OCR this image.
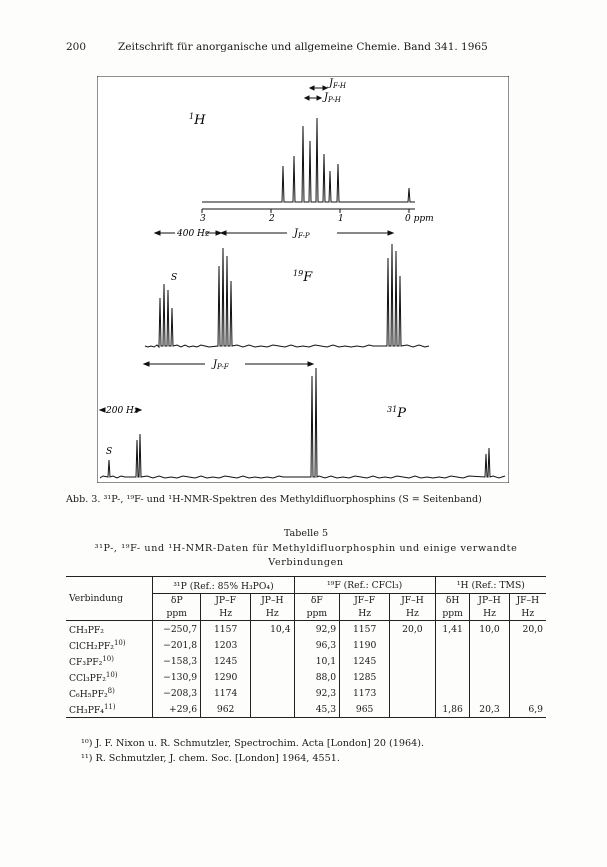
200	Zeitschrift für anorganische und allgemeine Chemie. Band 341. 1965
$J_{F-H}$
$J_{P-H}$
$^1$H
3	2	1	0 ppm
400 Hz	$J_{F-P}$
S	$^{19}$F
$J_{P-F}$
200 Hz	$^{31}$P
S
Abb. 3. ³¹P-, ¹⁹F- und ¹H-NMR-Spektren des Methyldifluorphosphins (S = Seitenband)
Tabelle 5
³¹P-, ¹⁹F- und ¹H-NMR-Daten für Methyldifluorphosphin und einige verwandte
Verbindungen
Verbindung	³¹P (Ref.: 85% H₃PO₄)			¹⁹F (Ref.: CFCl₃)			¹H (Ref.: TMS)		
	δP	JP–F	JP–H	δF	JF–F	JF–H	δH	JP–H	JF–H
	ppm	Hz	Hz	ppm	Hz	Hz	ppm	Hz	Hz

CH₃PF₂	−250,7	1157	10,4	92,9	1157	20,0	1,41	10,0	20,0
ClCH₂PF₂$^{10)}$	−201,8	1203		96,3	1190				
CF₃PF₂$^{10)}$	−158,3	1245		10,1	1245				
CCl₃PF₂$^{10)}$	−130,9	1290		88,0	1285				
C₆H₅PF₂$^{8)}$	−208,3	1174		92,3	1173				
CH₃PF₄$^{11)}$	+29,6	962		45,3	965		1,86	20,3	6,9
¹⁰) J. F. Nixon u. R. Schmutzler, Spectrochim. Acta [London] 20 (1964).
¹¹) R. Schmutzler, J. chem. Soc. [London] 1964, 4551.
